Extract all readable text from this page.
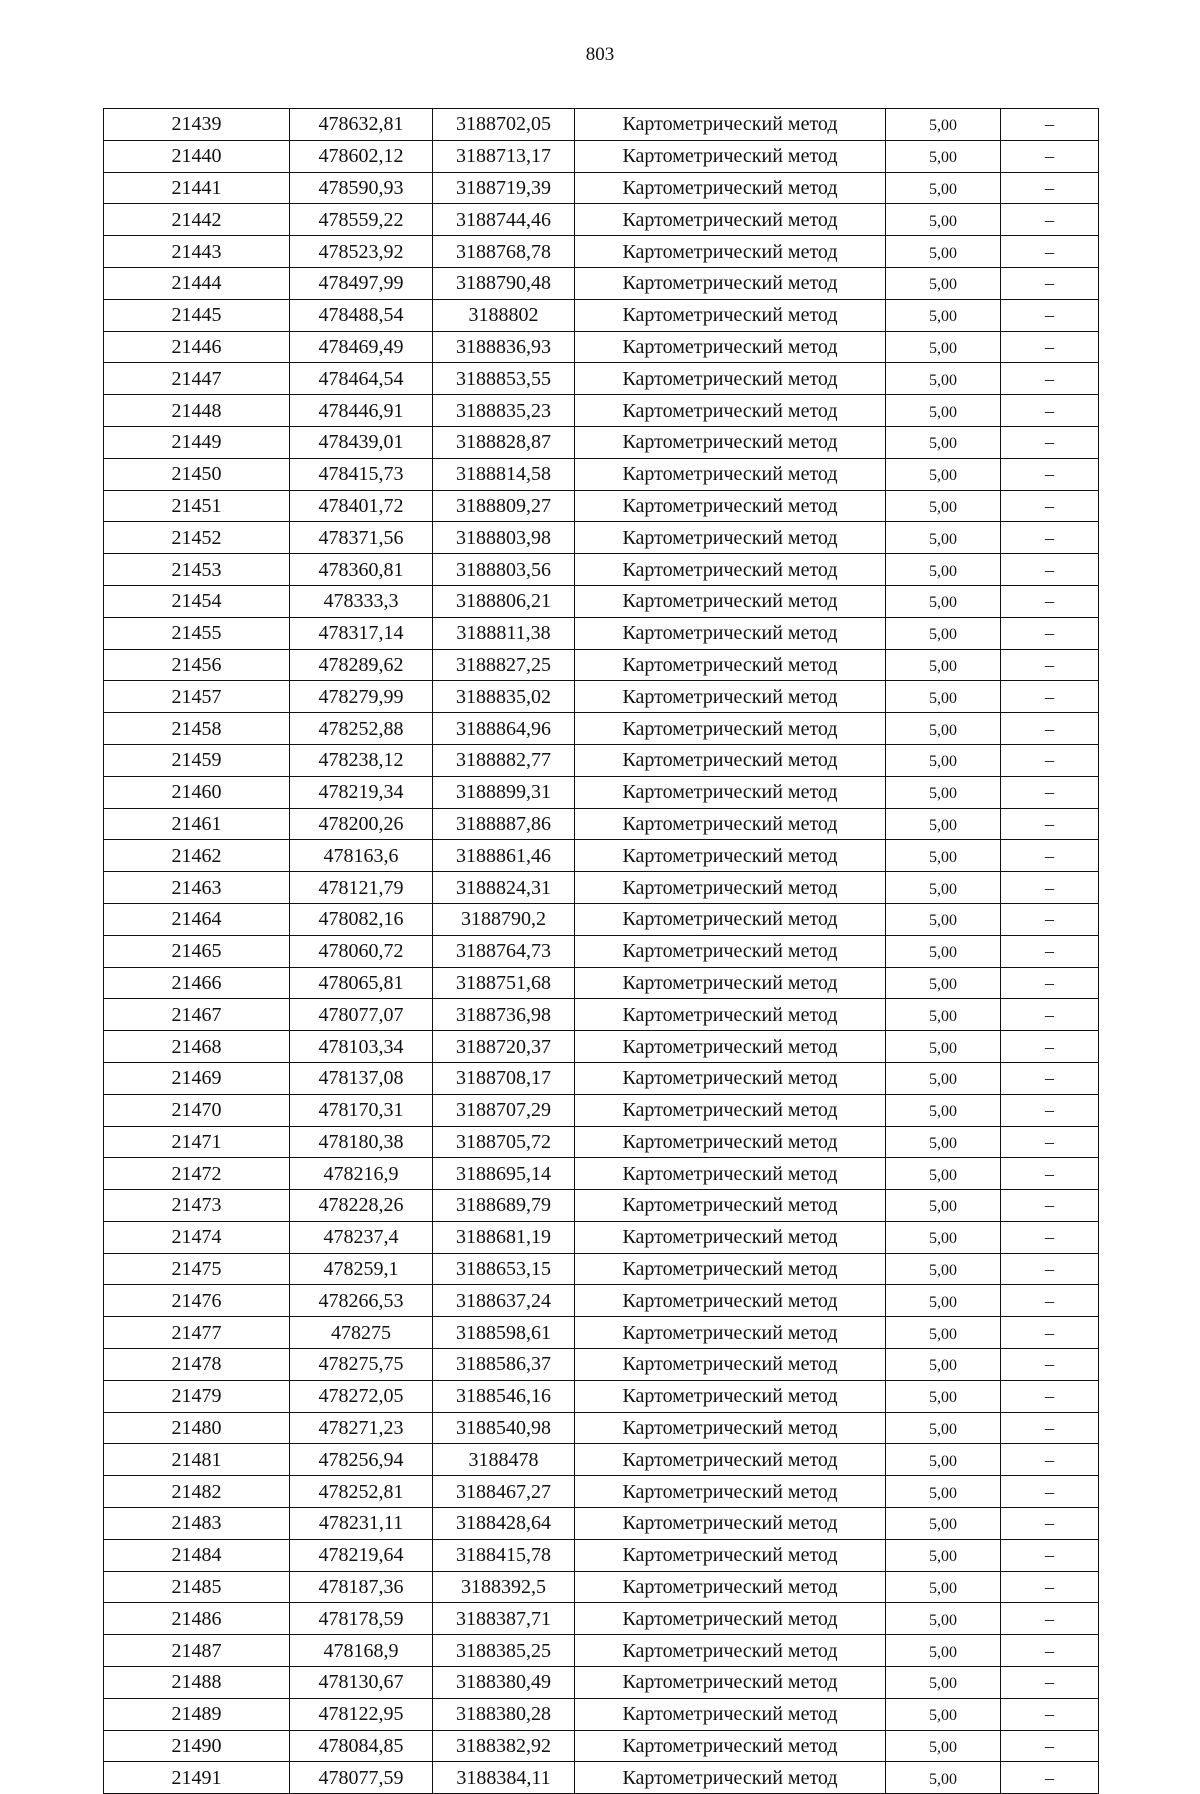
803
21439	478632,81	3188702,05	Картометрический метод	5,00	–
21440	478602,12	3188713,17	Картометрический метод	5,00	–
21441	478590,93	3188719,39	Картометрический метод	5,00	–
21442	478559,22	3188744,46	Картометрический метод	5,00	–
21443	478523,92	3188768,78	Картометрический метод	5,00	–
21444	478497,99	3188790,48	Картометрический метод	5,00	–
21445	478488,54	3188802	Картометрический метод	5,00	–
21446	478469,49	3188836,93	Картометрический метод	5,00	–
21447	478464,54	3188853,55	Картометрический метод	5,00	–
21448	478446,91	3188835,23	Картометрический метод	5,00	–
21449	478439,01	3188828,87	Картометрический метод	5,00	–
21450	478415,73	3188814,58	Картометрический метод	5,00	–
21451	478401,72	3188809,27	Картометрический метод	5,00	–
21452	478371,56	3188803,98	Картометрический метод	5,00	–
21453	478360,81	3188803,56	Картометрический метод	5,00	–
21454	478333,3	3188806,21	Картометрический метод	5,00	–
21455	478317,14	3188811,38	Картометрический метод	5,00	–
21456	478289,62	3188827,25	Картометрический метод	5,00	–
21457	478279,99	3188835,02	Картометрический метод	5,00	–
21458	478252,88	3188864,96	Картометрический метод	5,00	–
21459	478238,12	3188882,77	Картометрический метод	5,00	–
21460	478219,34	3188899,31	Картометрический метод	5,00	–
21461	478200,26	3188887,86	Картометрический метод	5,00	–
21462	478163,6	3188861,46	Картометрический метод	5,00	–
21463	478121,79	3188824,31	Картометрический метод	5,00	–
21464	478082,16	3188790,2	Картометрический метод	5,00	–
21465	478060,72	3188764,73	Картометрический метод	5,00	–
21466	478065,81	3188751,68	Картометрический метод	5,00	–
21467	478077,07	3188736,98	Картометрический метод	5,00	–
21468	478103,34	3188720,37	Картометрический метод	5,00	–
21469	478137,08	3188708,17	Картометрический метод	5,00	–
21470	478170,31	3188707,29	Картометрический метод	5,00	–
21471	478180,38	3188705,72	Картометрический метод	5,00	–
21472	478216,9	3188695,14	Картометрический метод	5,00	–
21473	478228,26	3188689,79	Картометрический метод	5,00	–
21474	478237,4	3188681,19	Картометрический метод	5,00	–
21475	478259,1	3188653,15	Картометрический метод	5,00	–
21476	478266,53	3188637,24	Картометрический метод	5,00	–
21477	478275	3188598,61	Картометрический метод	5,00	–
21478	478275,75	3188586,37	Картометрический метод	5,00	–
21479	478272,05	3188546,16	Картометрический метод	5,00	–
21480	478271,23	3188540,98	Картометрический метод	5,00	–
21481	478256,94	3188478	Картометрический метод	5,00	–
21482	478252,81	3188467,27	Картометрический метод	5,00	–
21483	478231,11	3188428,64	Картометрический метод	5,00	–
21484	478219,64	3188415,78	Картометрический метод	5,00	–
21485	478187,36	3188392,5	Картометрический метод	5,00	–
21486	478178,59	3188387,71	Картометрический метод	5,00	–
21487	478168,9	3188385,25	Картометрический метод	5,00	–
21488	478130,67	3188380,49	Картометрический метод	5,00	–
21489	478122,95	3188380,28	Картометрический метод	5,00	–
21490	478084,85	3188382,92	Картометрический метод	5,00	–
21491	478077,59	3188384,11	Картометрический метод	5,00	–
